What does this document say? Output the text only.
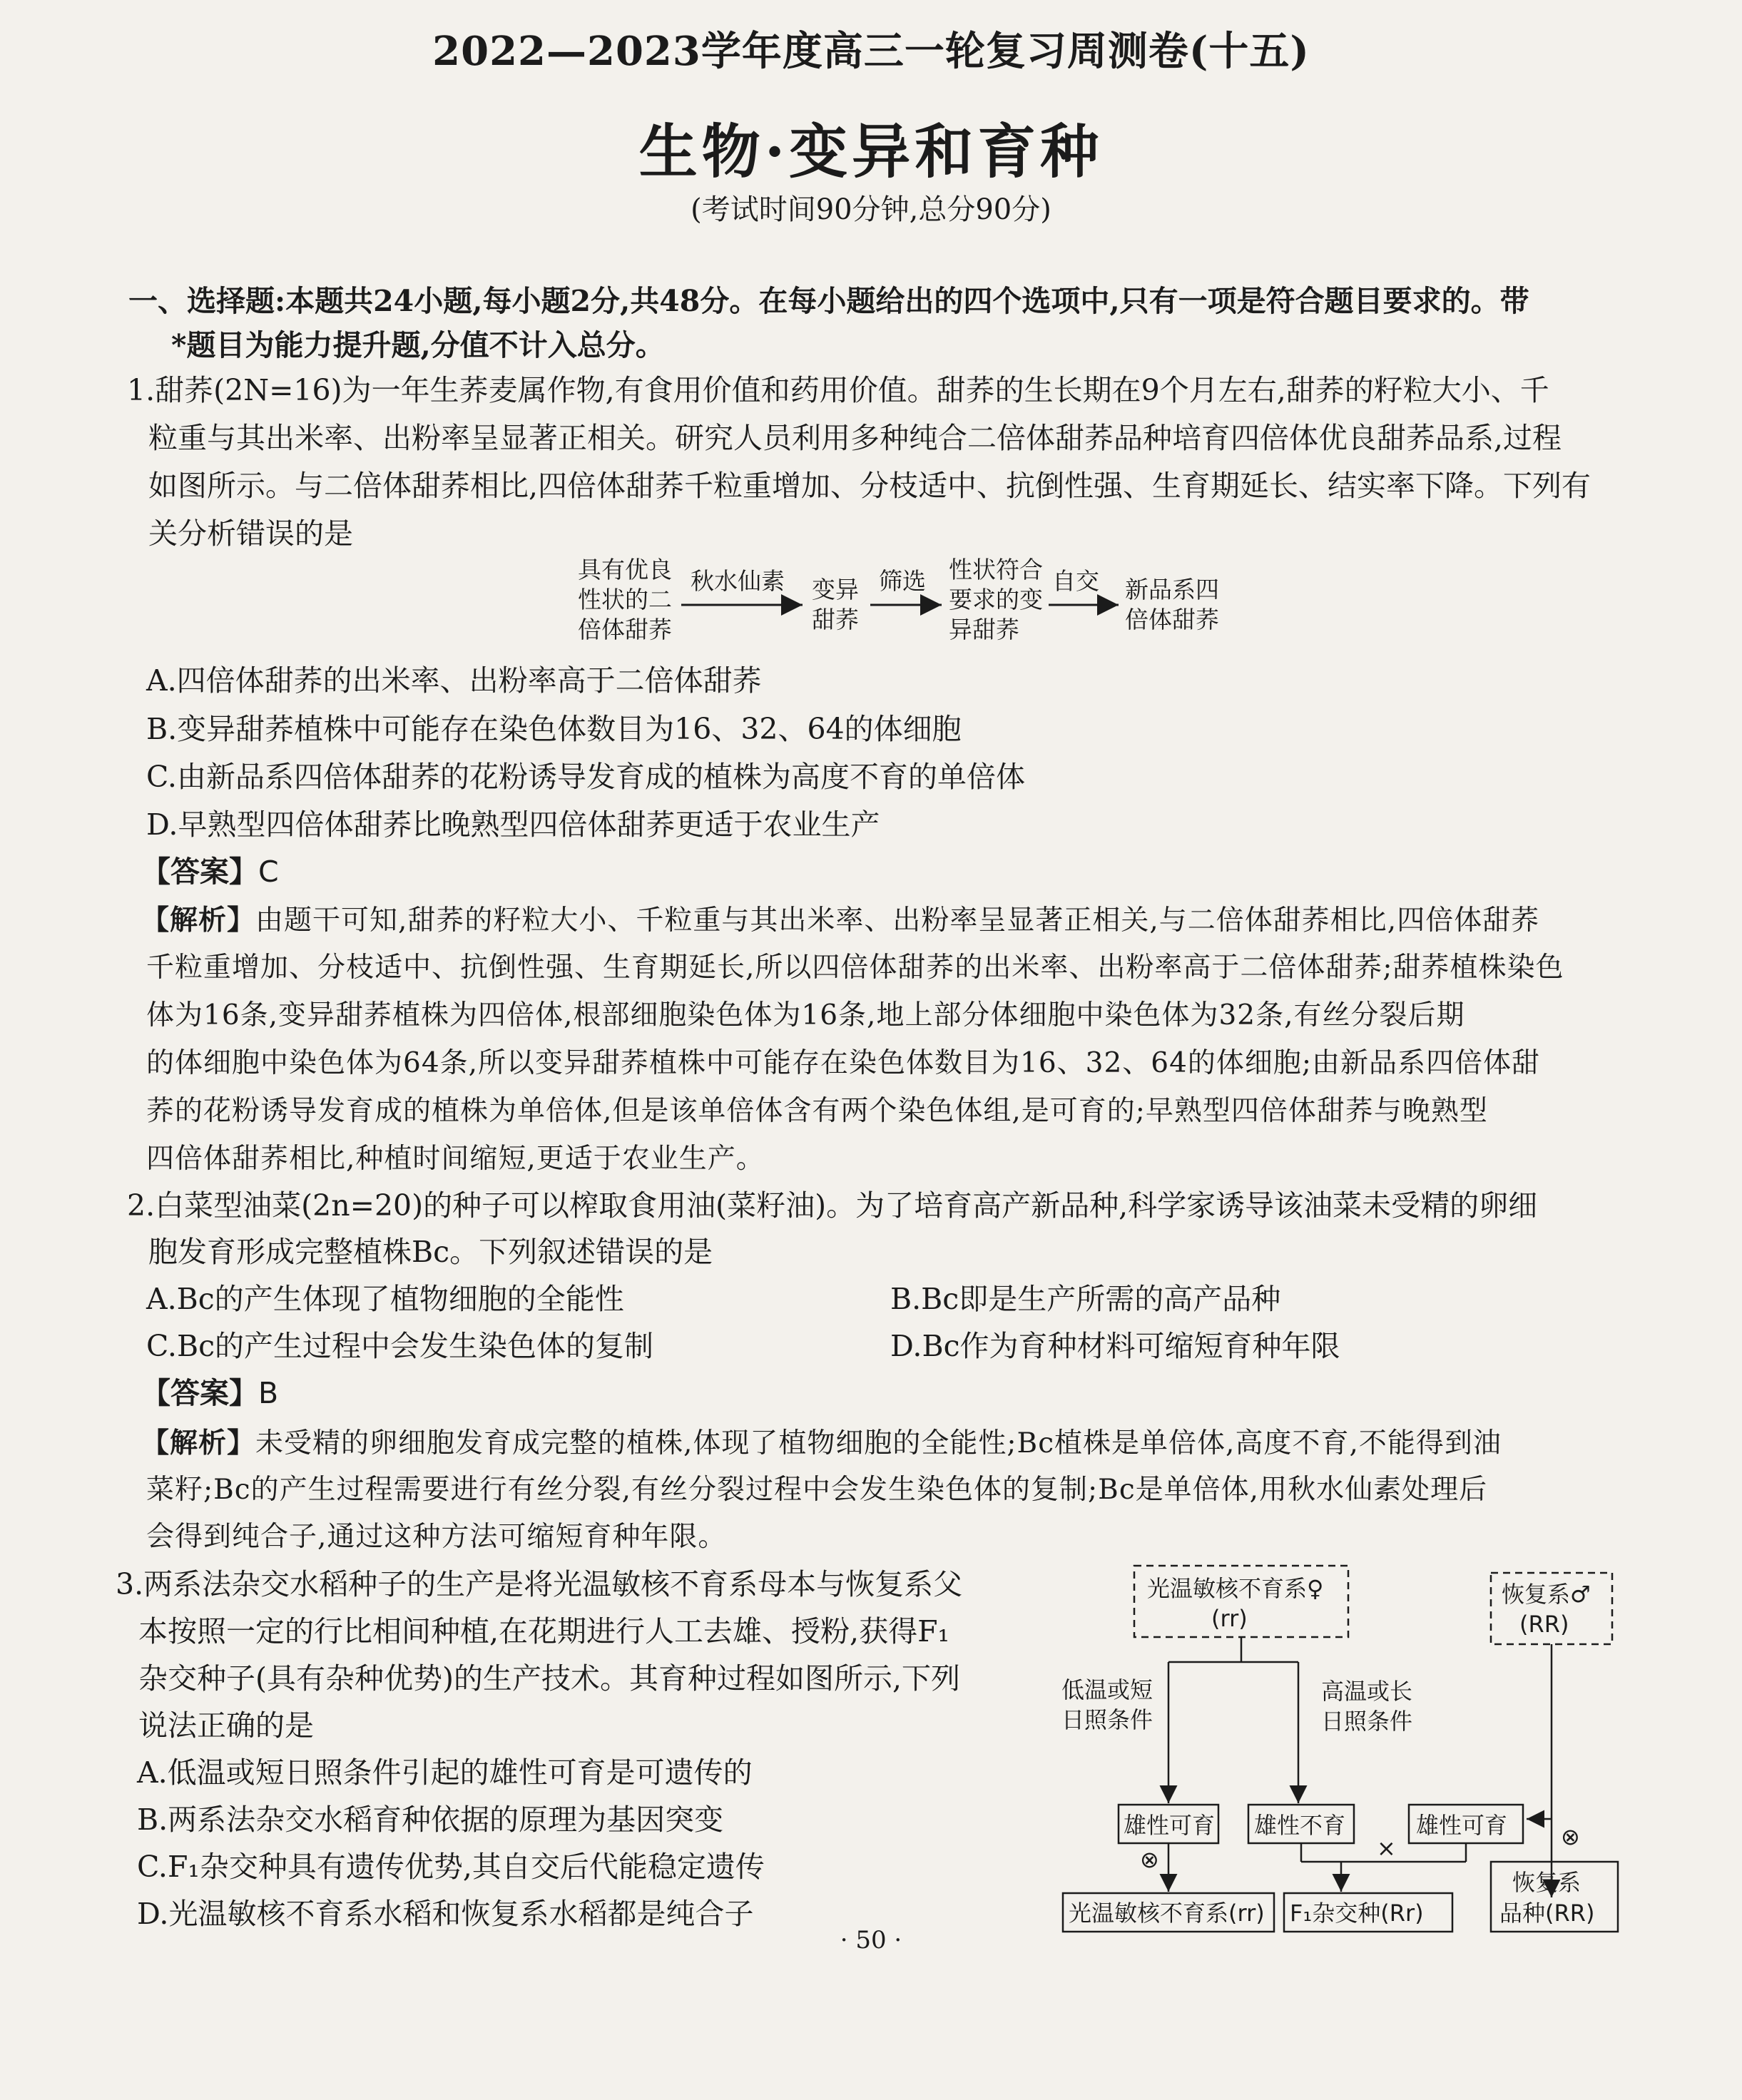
2022—2023学年度高三一轮复习周测卷(十五)
生物·变异和育种
(考试时间90分钟,总分90分)
一、选择题:本题共24小题,每小题2分,共48分。在每小题给出的四个选项中,只有一项是符合题目要求的。带
*题目为能力提升题,分值不计入总分。
1.甜荞(2N=16)为一年生荞麦属作物,有食用价值和药用价值。甜荞的生长期在9个月左右,甜荞的籽粒大小、千
粒重与其出米率、出粉率呈显著正相关。研究人员利用多种纯合二倍体甜荞品种培育四倍体优良甜荞品系,过程
如图所示。与二倍体甜荞相比,四倍体甜荞千粒重增加、分枝适中、抗倒性强、生育期延长、结实率下降。下列有
关分析错误的是
具有优良
性状的二
倍体甜荞
秋水仙素 变异
甜荞
筛选 性状符合
要求的变
异甜荞
自交 新品系四
倍体甜荞
A.四倍体甜荞的出米率、出粉率高于二倍体甜荞
B.变异甜荞植株中可能存在染色体数目为16、32、64的体细胞
C.由新品系四倍体甜荞的花粉诱导发育成的植株为高度不育的单倍体
D.早熟型四倍体甜荞比晚熟型四倍体甜荞更适于农业生产
【答案】C
【解析】由题干可知,甜荞的籽粒大小、千粒重与其出米率、出粉率呈显著正相关,与二倍体甜荞相比,四倍体甜荞
千粒重增加、分枝适中、抗倒性强、生育期延长,所以四倍体甜荞的出米率、出粉率高于二倍体甜荞;甜荞植株染色
体为16条,变异甜荞植株为四倍体,根部细胞染色体为16条,地上部分体细胞中染色体为32条,有丝分裂后期
的体细胞中染色体为64条,所以变异甜荞植株中可能存在染色体数目为16、32、64的体细胞;由新品系四倍体甜
荞的花粉诱导发育成的植株为单倍体,但是该单倍体含有两个染色体组,是可育的;早熟型四倍体甜荞与晚熟型
四倍体甜荞相比,种植时间缩短,更适于农业生产。
2.白菜型油菜(2n=20)的种子可以榨取食用油(菜籽油)。为了培育高产新品种,科学家诱导该油菜未受精的卵细
胞发育形成完整植株Bc。下列叙述错误的是
A.Bc的产生体现了植物细胞的全能性	B.Bc即是生产所需的高产品种
C.Bc的产生过程中会发生染色体的复制	D.Bc作为育种材料可缩短育种年限
【答案】B
【解析】未受精的卵细胞发育成完整的植株,体现了植物细胞的全能性;Bc植株是单倍体,高度不育,不能得到油
菜籽;Bc的产生过程需要进行有丝分裂,有丝分裂过程中会发生染色体的复制;Bc是单倍体,用秋水仙素处理后
会得到纯合子,通过这种方法可缩短育种年限。
3.两系法杂交水稻种子的生产是将光温敏核不育系母本与恢复系父
本按照一定的行比相间种植,在花期进行人工去雄、授粉,获得F₁
杂交种子(具有杂种优势)的生产技术。其育种过程如图所示,下列
说法正确的是
A.低温或短日照条件引起的雄性可育是可遗传的
B.两系法杂交水稻育种依据的原理为基因突变
C.F₁杂交种具有遗传优势,其自交后代能稳定遗传
D.光温敏核不育系水稻和恢复系水稻都是纯合子
光温敏核不育系♀
(rr)
恢复系♂
(RR)
低温或短
日照条件
高温或长
日照条件
⊗
雄性可育 雄性不育	雄性可育
⊗	×
光温敏核不育系(rr) F₁杂交种(Rr)
恢复系
品种(RR)
· 50 ·
